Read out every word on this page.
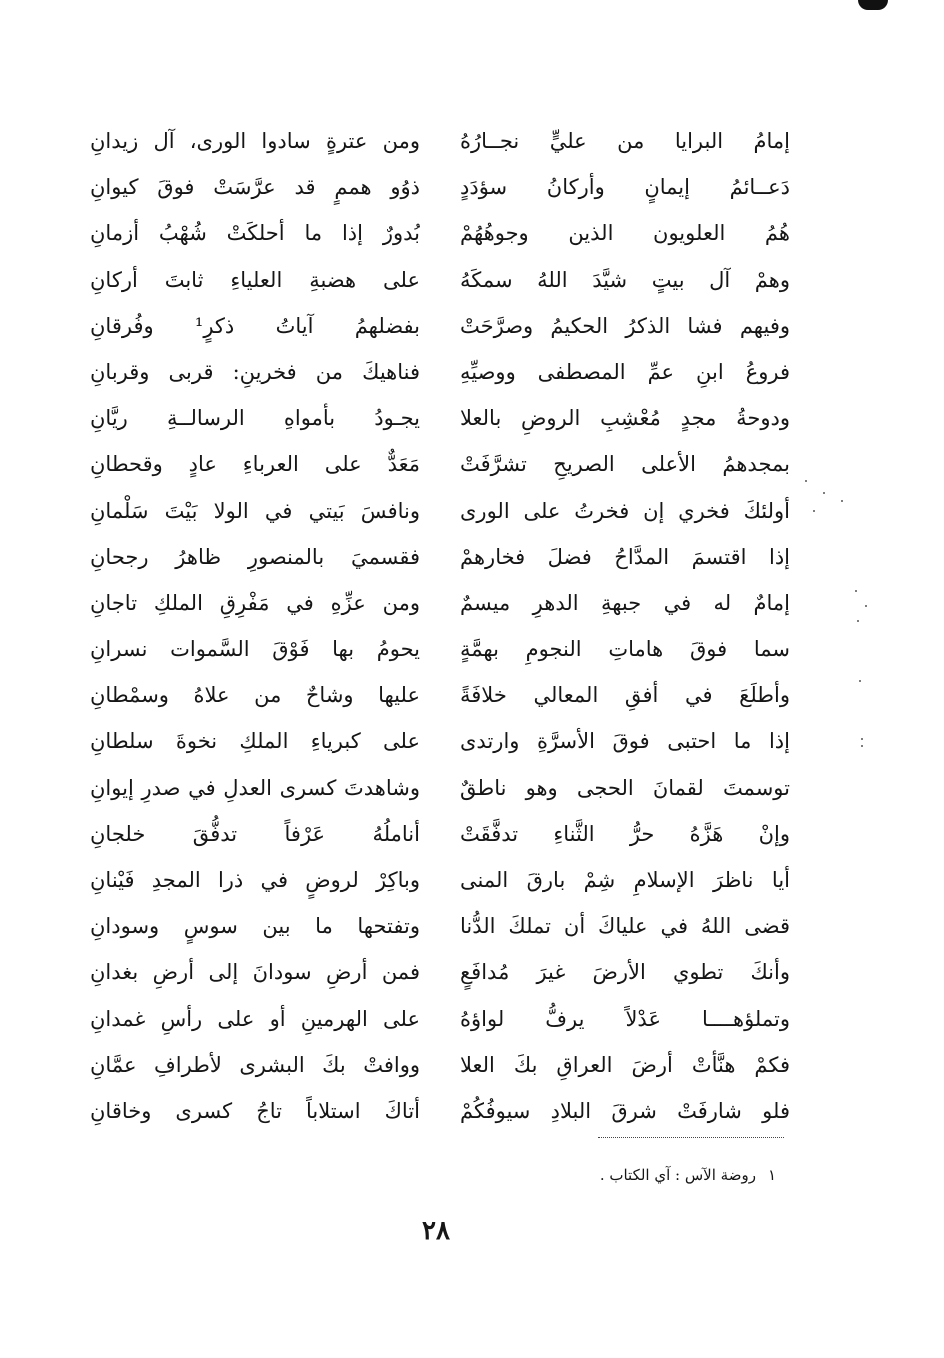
إمامُ البرايا من عليٍّ نجــارُهُ
دَعــائمُ إيمانٍ وأركانُ سؤدَدٍ
هُمُ العلويون الذين وجوهُهُمْ
وهمْ آل بيتٍ شيَّدَ اللهُ سمكَهُ
وفيهم فشا الذكرُ الحكيمُ وصرَّحَتْ
فروعُ ابنِ عمِّ المصطفى ووصيِّهِ
ودوحةُ مجدٍ مُعْشِبِ الروضِ بالعلا
بمجدهمُ الأعلى الصريحِ تشرَّفَتْ
أولئكَ فخري إن فخرتُ على الورى
إذا اقتسمَ المدَّاحُ فضلَ فخارهمْ
إمامٌ له في جبهةِ الدهرِ ميسمٌ
سما فوقَ هاماتِ النجومِ بهمَّةٍ
وأطلَعَ في أفقِ المعالي خلافَةً
إذا ما احتبى فوقَ الأسرَّةِ وارتدى
توسمتَ لقمانَ الحجى وهو ناطقٌ
وإنْ هَزَّهُ حرُّ الثَّناءِ تدفَّقَتْ
أيا ناظرَ الإسلامِ شِمْ بارقَ المنى
قضى اللهُ في علياكَ أن تملكَ الدُّنا
وأنكَ تطوي الأرضَ غيرَ مُدافَعٍ
وتملؤهــــا عَدْلاً يرفُّ لواؤهُ
فكمْ هنَّأتْ أرضَ العراقِ بكَ العلا
فلو شارفَتْ شرقَ البلادِ سيوفُكُمْ
ومن عترةٍ سادوا الورى، آل زيدانِ
ذوُو هممٍ قد عرَّسَتْ فوقَ كيوانِ
بُدورٌ إذا ما أحلكَتْ شُهْبُ أزمانِ
على هضبةِ العلياءِ ثابتَ أركانِ
بفضلهمُ آياتُ ذكرٍ¹ وفُرقانِ
فناهيكَ من فخرينِ: قربى وقربانِ
يجـودُ بأمواهِ الرسالــةِ ريَّانِ
مَعَدٌّ على العرباءِ عادٍ وقحطانِ
ونافسَ بَيتي في الولا بَيْتَ سَلْمانِ
فقسميَ بالمنصورِ ظاهرُ رجحانِ
ومن عزِّهِ في مَفْرِقِ الملكِ تاجانِ
يحومُ بها فَوْقَ السَّموات نسرانِ
عليها وشاحٌ من علاهُ وسمْطانِ
على كبرياءِ الملكِ نخوةَ سلطانِ
وشاهدتَ كسرى العدلِ في صدرِ إيوانِ
أناملُهُ عَرْفاً تدفُّقَ خلجانِ
وباكِرْ لروضٍ في ذرا المجدِ فَيْنانِ
وتفتحها ما بين سوسٍ وسودانِ
فمن أرضِ سودانَ إلى أرضِ بغدانِ
على الهرمينِ أو على رأسِ غمدانِ
ووافتْ بكَ البشرى لأطرافِ عمَّانِ
أتاكَ استلاباً تاجُ كسرى وخاقانِ
١روضة الآس : آي الكتاب .
٢٨
